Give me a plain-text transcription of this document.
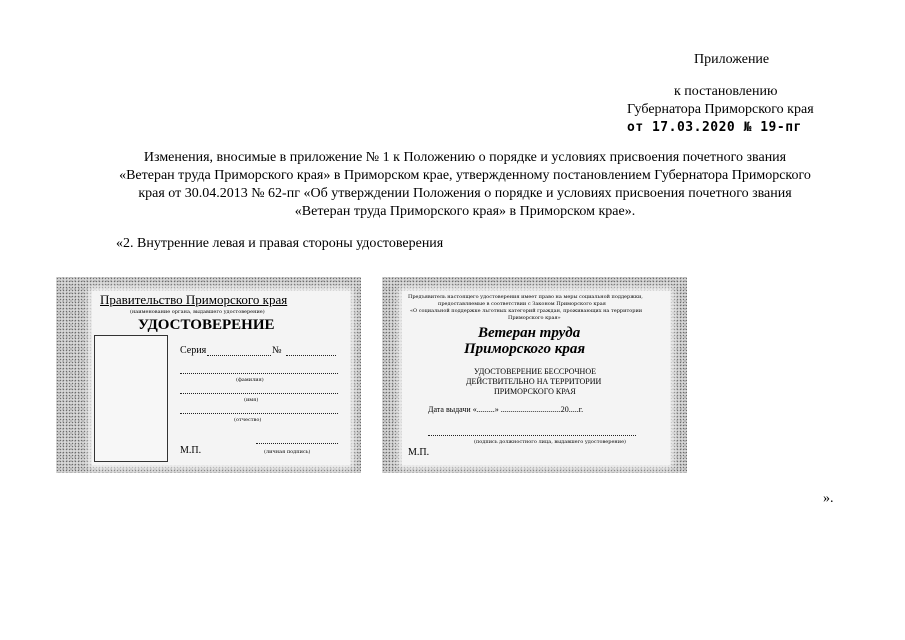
Приложение
к постановлению
Губернатора Приморского края
от 17.03.2020 № 19-пг
Изменения, вносимые в приложение № 1 к Положению о порядке и условиях присвоения почетного звания
«Ветеран труда Приморского края» в Приморском крае, утвержденному постановлением Губернатора Приморского
края от 30.04.2013 № 62-пг «Об утверждении Положения о порядке и условиях присвоения почетного звания
«Ветеран труда Приморского края» в Приморском крае».
«2. Внутренние левая и правая стороны удостоверения
Правительство Приморского края
(наименование органа, выдавшего удостоверение)
УДОСТОВЕРЕНИЕ
Серия	№
(фамилия)
(имя)
(отчество)
М.П.	(личная подпись)
Предъявитель настоящего удостоверения имеет право на меры социальной поддержки,
предоставляемые в соответствии с Законом Приморского края
«О социальной поддержке льготных категорий граждан, проживающих на территории
Приморского края»
Ветеран труда
Приморского края
УДОСТОВЕРЕНИЕ БЕССРОЧНОЕ
ДЕЙСТВИТЕЛЬНО НА ТЕРРИТОРИИ
ПРИМОРСКОГО КРАЯ
Дата выдачи «.........» ..............................20.....г.
(подпись должностного лица, выдавшего удостоверение)
М.П.
».
